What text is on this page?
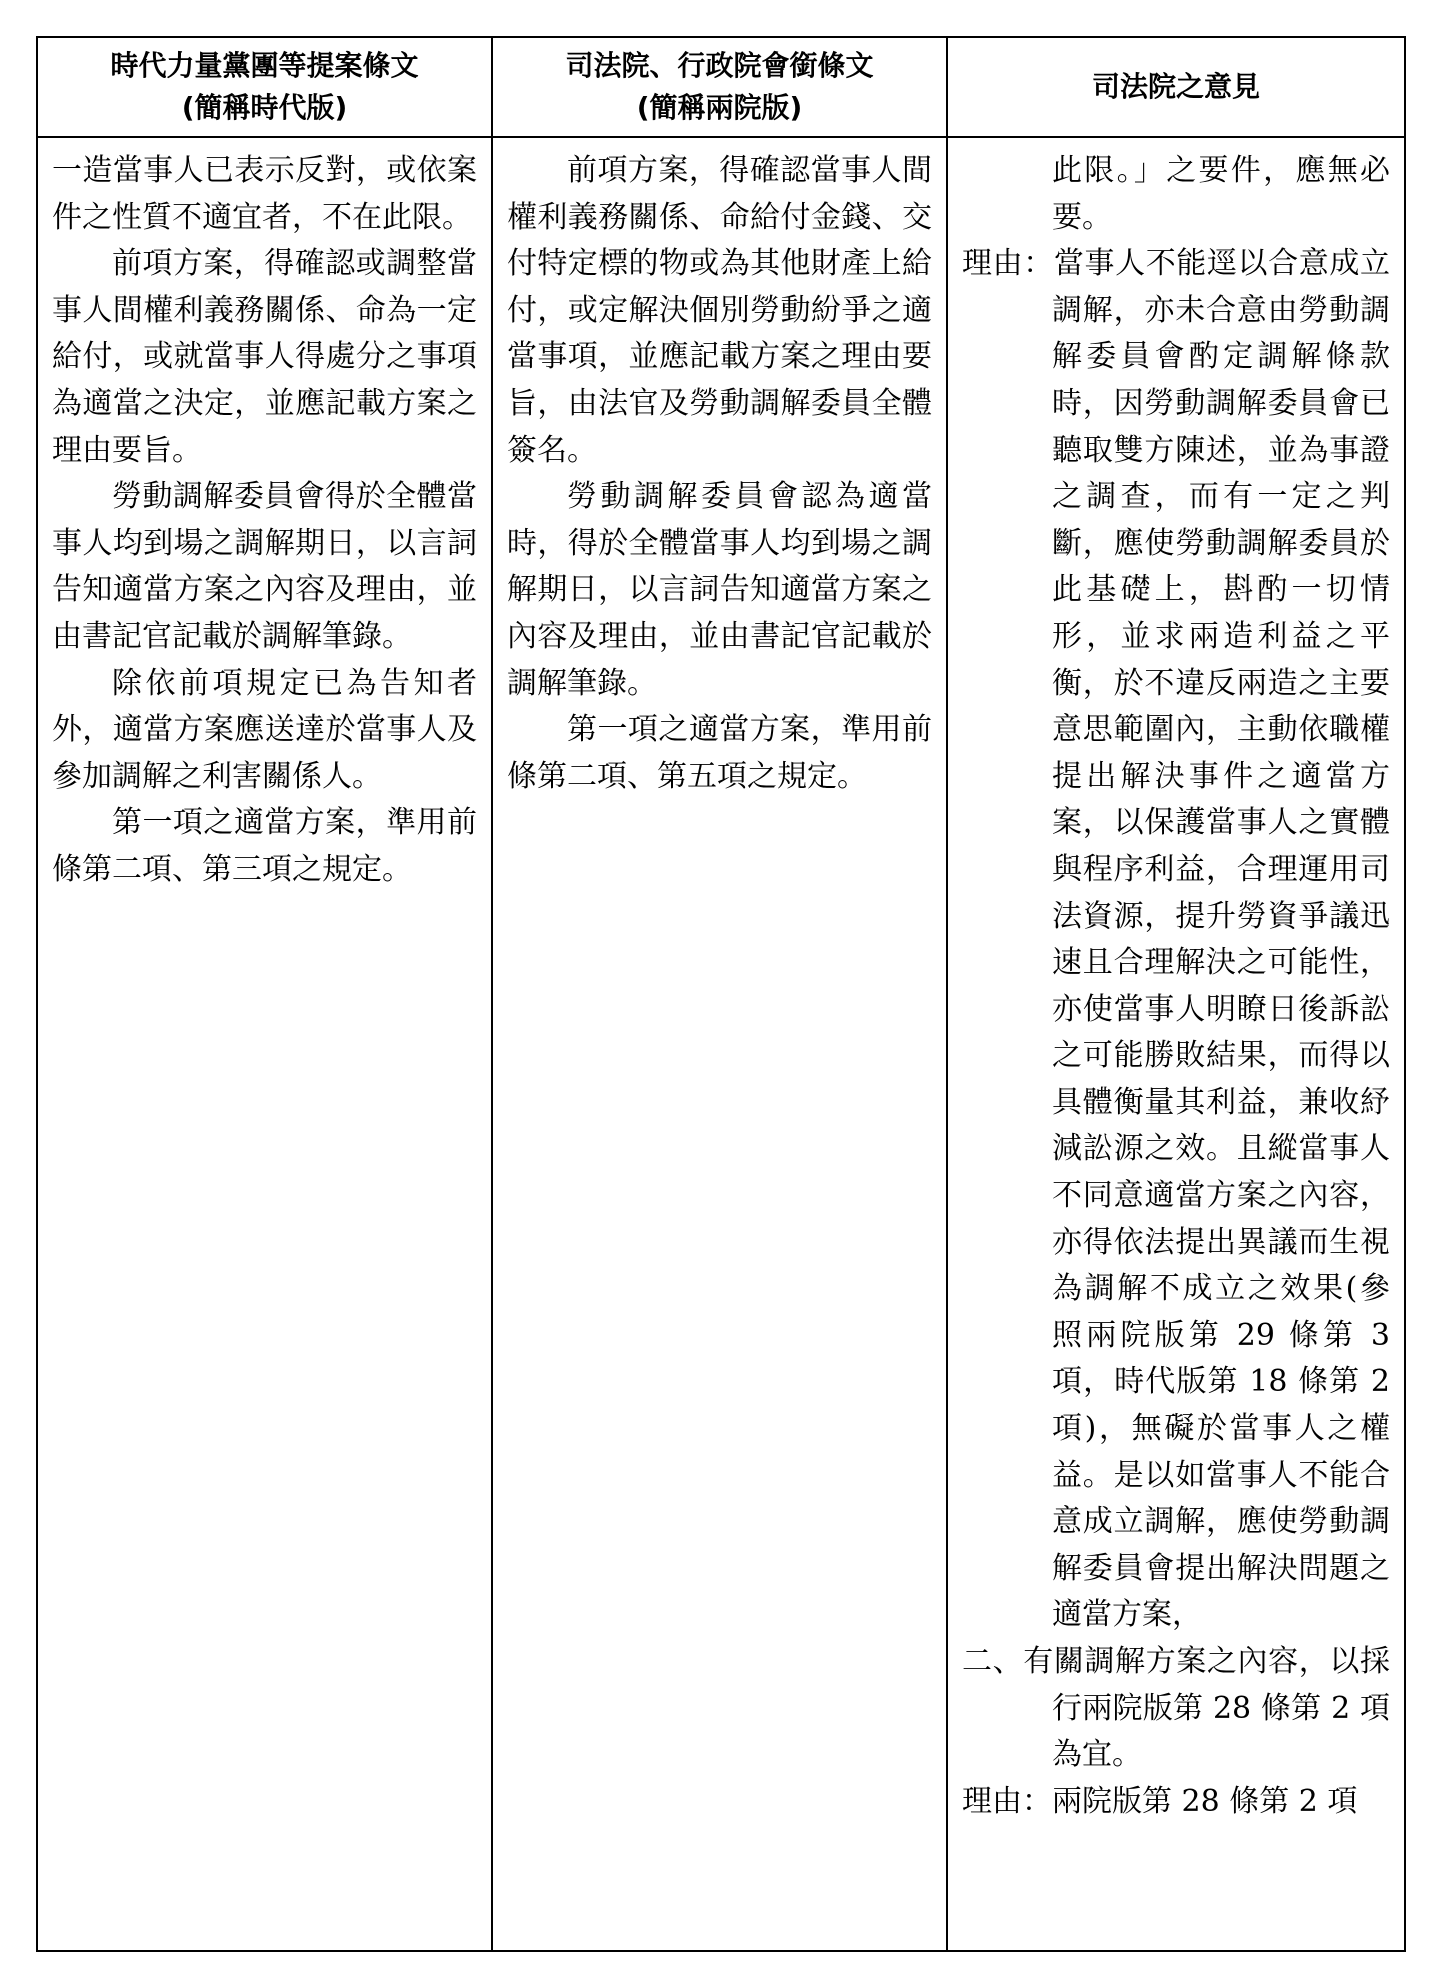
時代力量黨團等提案條文
(簡稱時代版)
司法院、行政院會銜條文
(簡稱兩院版)
司法院之意見

一造當事人已表示反對，或依案件之性質不適宜者，不在此限。

前項方案，得確認或調整當事人間權利義務關係、命為一定給付，或就當事人得處分之事項為適當之決定，並應記載方案之理由要旨。

勞動調解委員會得於全體當事人均到場之調解期日，以言詞告知適當方案之內容及理由，並由書記官記載於調解筆錄。

除依前項規定已為告知者外，適當方案應送達於當事人及參加調解之利害關係人。

第一項之適當方案，準用前條第二項、第三項之規定。

前項方案，得確認當事人間權利義務關係、命給付金錢、交付特定標的物或為其他財產上給付，或定解決個別勞動紛爭之適當事項，並應記載方案之理由要旨，由法官及勞動調解委員全體簽名。

勞動調解委員會認為適當時，得於全體當事人均到場之調解期日，以言詞告知適當方案之內容及理由，並由書記官記載於調解筆錄。

第一項之適當方案，準用前條第二項、第五項之規定。

此限。」之要件，應無必要。

理由：當事人不能逕以合意成立調解，亦未合意由勞動調解委員會酌定調解條款時，因勞動調解委員會已聽取雙方陳述，並為事證之調查，而有一定之判斷，應使勞動調解委員於此基礎上，斟酌一切情形，並求兩造利益之平衡，於不違反兩造之主要意思範圍內，主動依職權提出解決事件之適當方案，以保護當事人之實體與程序利益，合理運用司法資源，提升勞資爭議迅速且合理解決之可能性，亦使當事人明瞭日後訴訟之可能勝敗結果，而得以具體衡量其利益，兼收紓減訟源之效。且縱當事人不同意適當方案之內容，亦得依法提出異議而生視為調解不成立之效果(參照兩院版第 29 條第 3 項，時代版第 18 條第 2 項)，無礙於當事人之權益。是以如當事人不能合意成立調解，應使勞動調解委員會提出解決問題之適當方案，

二、有關調解方案之內容，以採行兩院版第 28 條第 2 項為宜。

理由：兩院版第 28 條第 2 項
